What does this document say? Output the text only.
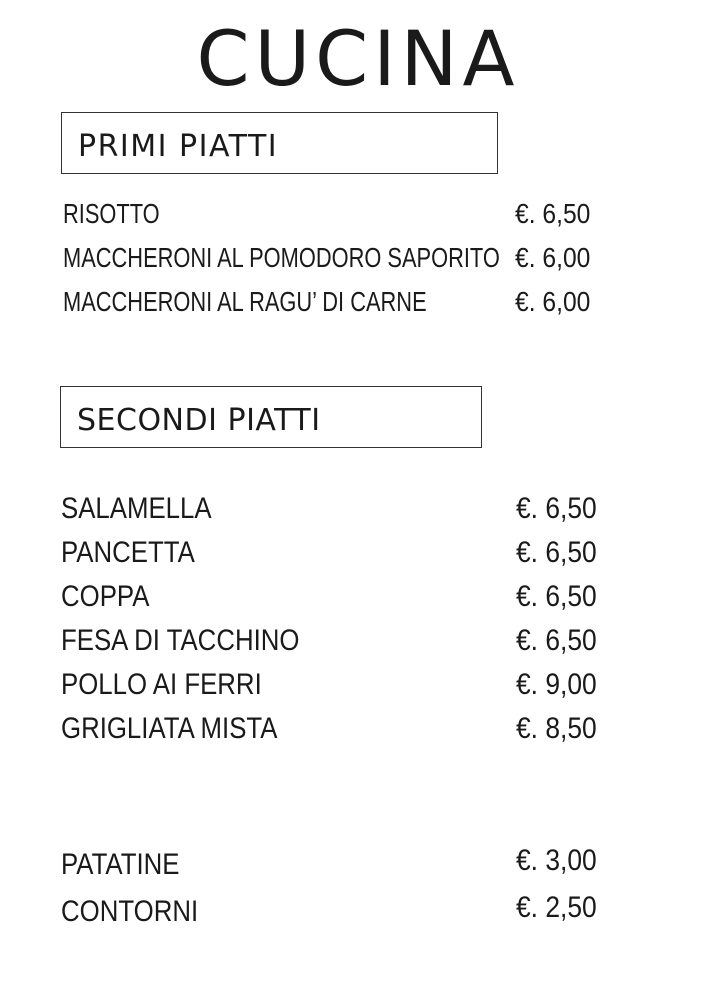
CUCINA
PRIMI PIATTI
RISOTTO	€. 6,50
MACCHERONI AL POMODORO SAPORITO €. 6,00
MACCHERONI AL RAGU’ DI CARNE	€. 6,00
SECONDI PIATTI
SALAMELLA	€. 6,50
PANCETTA	€. 6,50
COPPA	€. 6,50
FESA DI TACCHINO	€. 6,50
POLLO AI FERRI	€. 9,00
GRIGLIATA MISTA	€. 8,50
PATATINE	€. 3,00
CONTORNI	€. 2,50
